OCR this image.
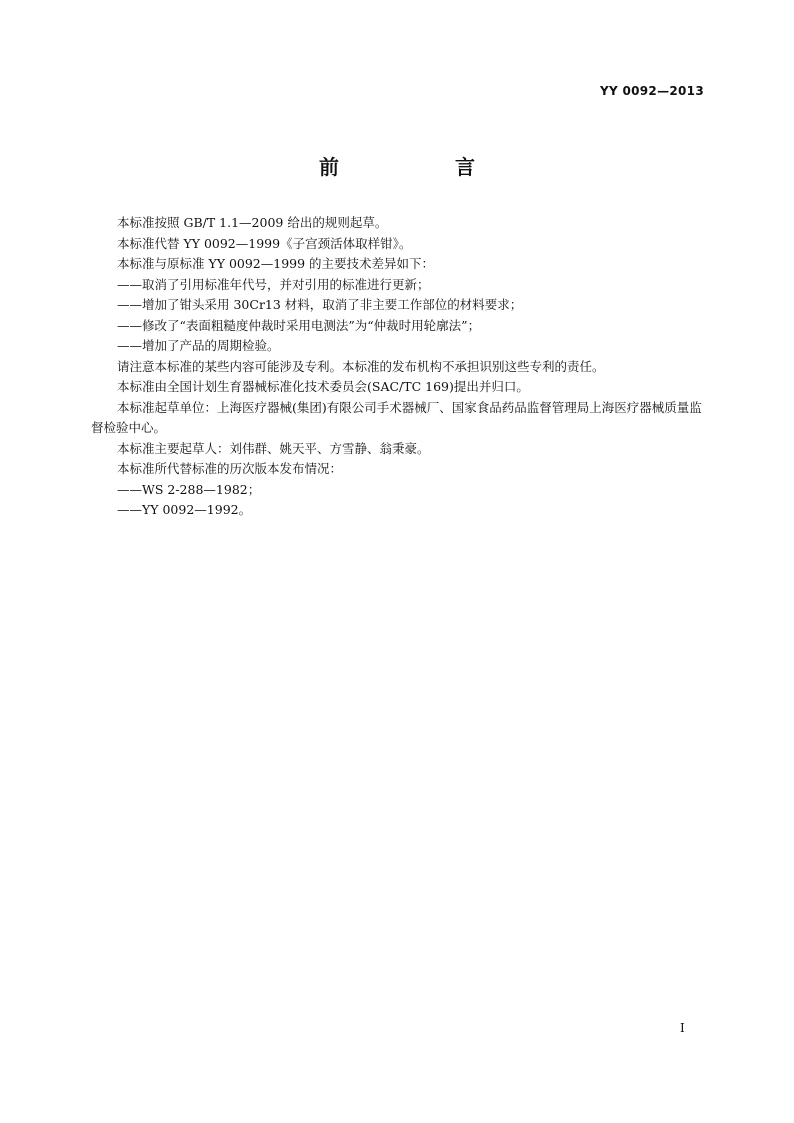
YY 0092—2013
前　言

本标准按照 GB/T 1.1—2009 给出的规则起草。

本标准代替 YY 0092—1999《子宫颈活体取样钳》。

本标准与原标准 YY 0092—1999 的主要技术差异如下：

——取消了引用标准年代号，并对引用的标准进行更新；

——增加了钳头采用 30Cr13 材料，取消了非主要工作部位的材料要求；

——修改了“表面粗糙度仲裁时采用电测法”为“仲裁时用轮廓法”；

——增加了产品的周期检验。

请注意本标准的某些内容可能涉及专利。本标准的发布机构不承担识别这些专利的责任。

本标准由全国计划生育器械标准化技术委员会(SAC/TC 169)提出并归口。

本标准起草单位：上海医疗器械(集团)有限公司手术器械厂、国家食品药品监督管理局上海医疗器械质量监督检验中心。

本标准主要起草人：刘伟群、姚天平、方雪静、翁秉豪。

本标准所代替标准的历次版本发布情况：

——WS 2-288—1982；

——YY 0092—1992。

I
